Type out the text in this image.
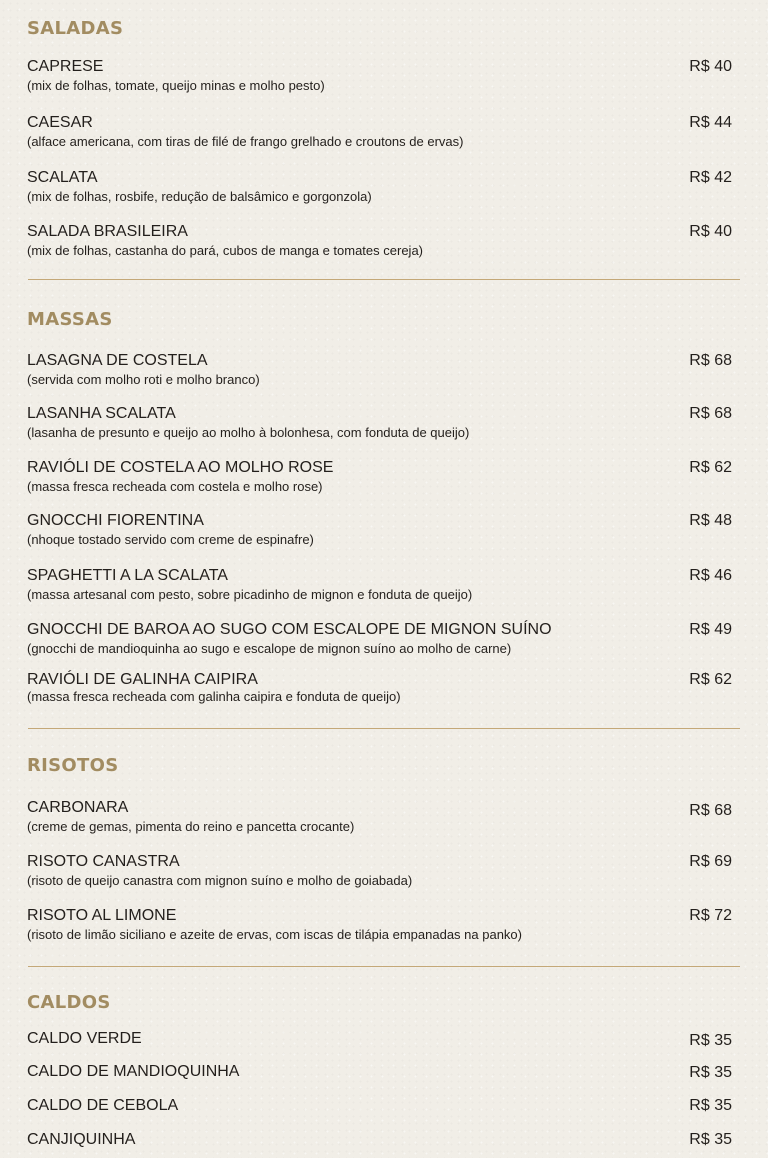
SALADAS
CAPRESE
(mix de folhas, tomate, queijo minas e molho pesto)
R$ 40
CAESAR
(alface americana, com tiras de filé de frango grelhado e croutons de ervas)
R$ 44
SCALATA
(mix de folhas, rosbife, redução de balsâmico e gorgonzola)
R$ 42
SALADA BRASILEIRA
(mix de folhas, castanha do pará, cubos de manga e tomates cereja)
R$ 40
MASSAS
LASAGNA DE COSTELA
(servida com molho roti e molho branco)
R$ 68
LASANHA SCALATA
(lasanha de presunto e queijo ao molho à bolonhesa, com fonduta de queijo)
R$ 68
RAVIÓLI DE COSTELA AO MOLHO ROSE
(massa fresca recheada com costela e molho rose)
R$ 62
GNOCCHI FIORENTINA
(nhoque tostado servido com creme de espinafre)
R$ 48
SPAGHETTI A LA SCALATA
(massa artesanal com pesto, sobre picadinho de mignon e fonduta de queijo)
R$ 46
GNOCCHI DE BAROA AO SUGO COM ESCALOPE DE MIGNON SUÍNO
(gnocchi de mandioquinha ao sugo e escalope de mignon suíno ao molho de carne)
R$ 49
RAVIÓLI DE GALINHA CAIPIRA
(massa fresca recheada com galinha caipira e fonduta de queijo)
R$ 62
RISOTOS
CARBONARA
(creme de gemas, pimenta do reino e pancetta crocante)
R$ 68
RISOTO CANASTRA
(risoto de queijo canastra com mignon suíno e molho de goiabada)
R$ 69
RISOTO AL LIMONE
(risoto de limão siciliano e azeite de ervas, com iscas de tilápia empanadas na panko)
R$ 72
CALDOS
CALDO VERDE	R$ 35
CALDO DE MANDIOQUINHA	R$ 35
CALDO DE CEBOLA	R$ 35
CANJIQUINHA	R$ 35
